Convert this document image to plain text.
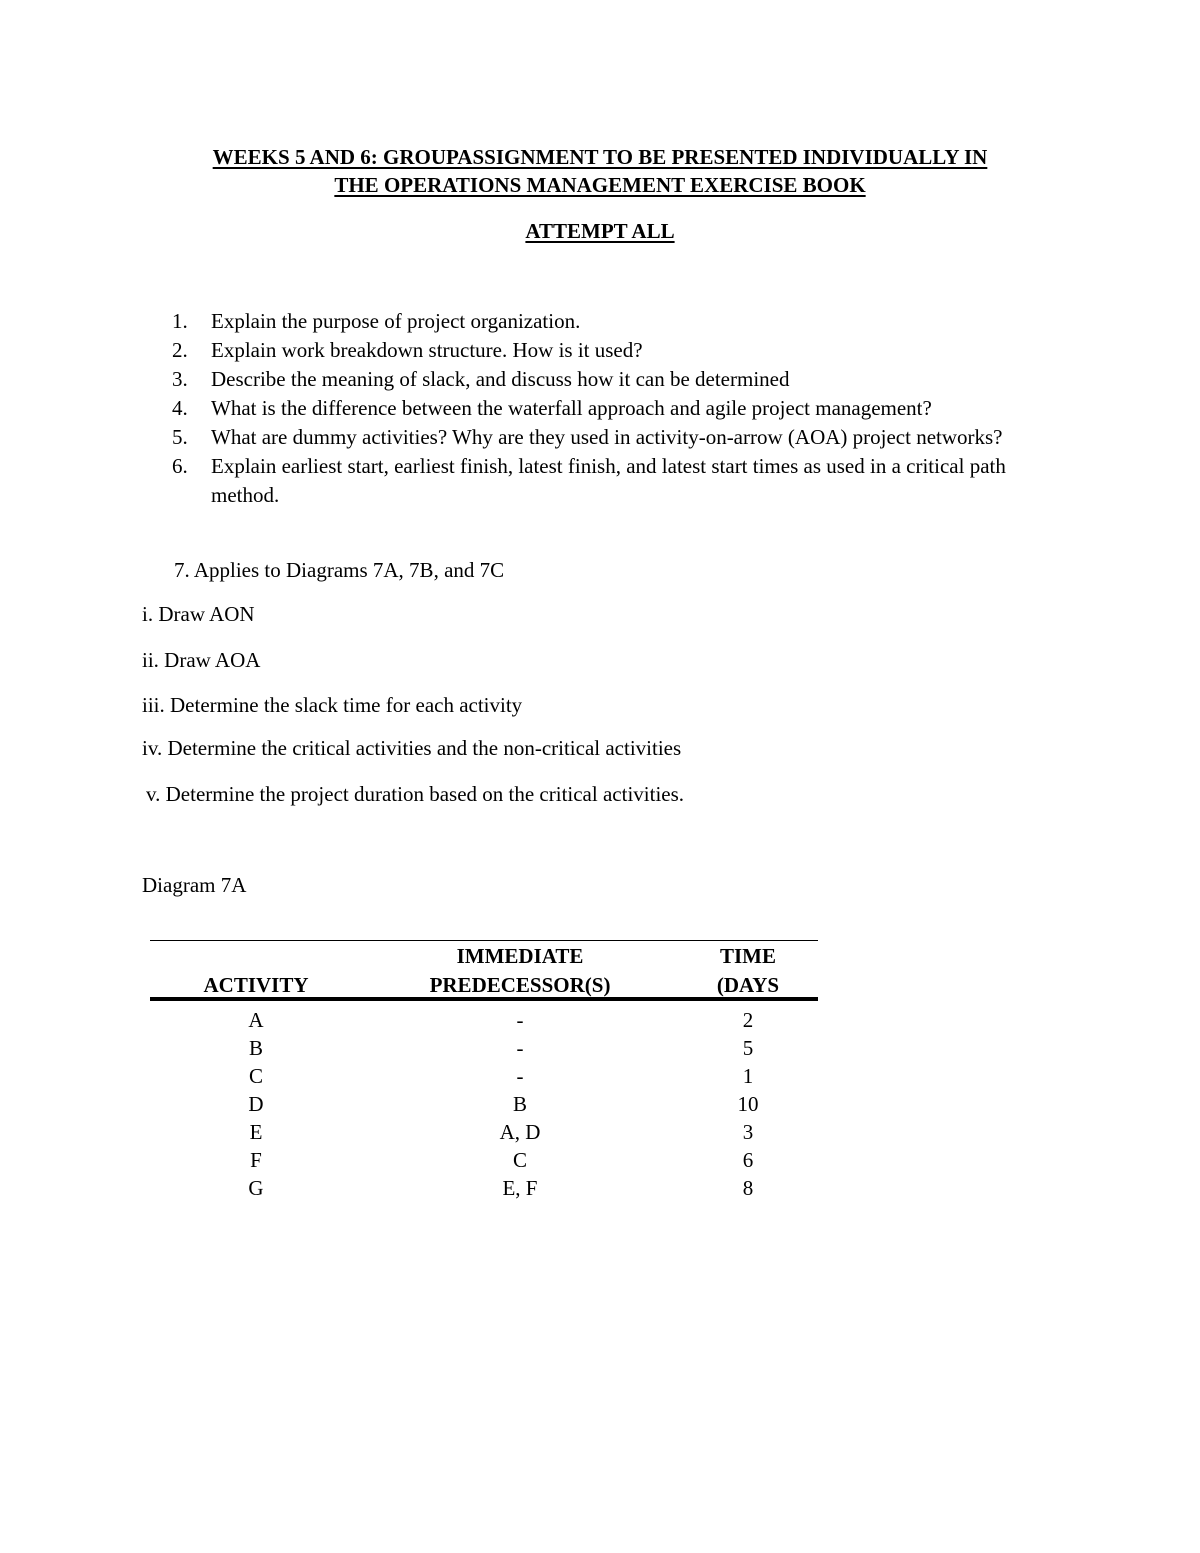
WEEKS 5 AND 6: GROUPASSIGNMENT TO BE PRESENTED INDIVIDUALLY IN
THE OPERATIONS MANAGEMENT EXERCISE BOOK
ATTEMPT ALL
1.	Explain the purpose of project organization.
2.	Explain work breakdown structure. How is it used?
3.	Describe the meaning of slack, and discuss how it can be determined
4.	What is the difference between the waterfall approach and agile project management?
5.	What are dummy activities? Why are they used in activity-on-arrow (AOA) project networks?
6.	Explain earliest start, earliest finish, latest finish, and latest start times as used in a critical path method.
7. Applies to Diagrams 7A, 7B, and 7C
i. Draw AON
ii. Draw AOA
iii. Determine the slack time for each activity
iv. Determine the critical activities and the non-critical activities
v. Determine the project duration based on the critical activities.
Diagram 7A
IMMEDIATE	TIME
ACTIVITY	PREDECESSOR(S)	(DAYS
A	-	2
B	-	5
C	-	1
D	B	10
E	A, D	3
F	C	6
G	E, F	8
